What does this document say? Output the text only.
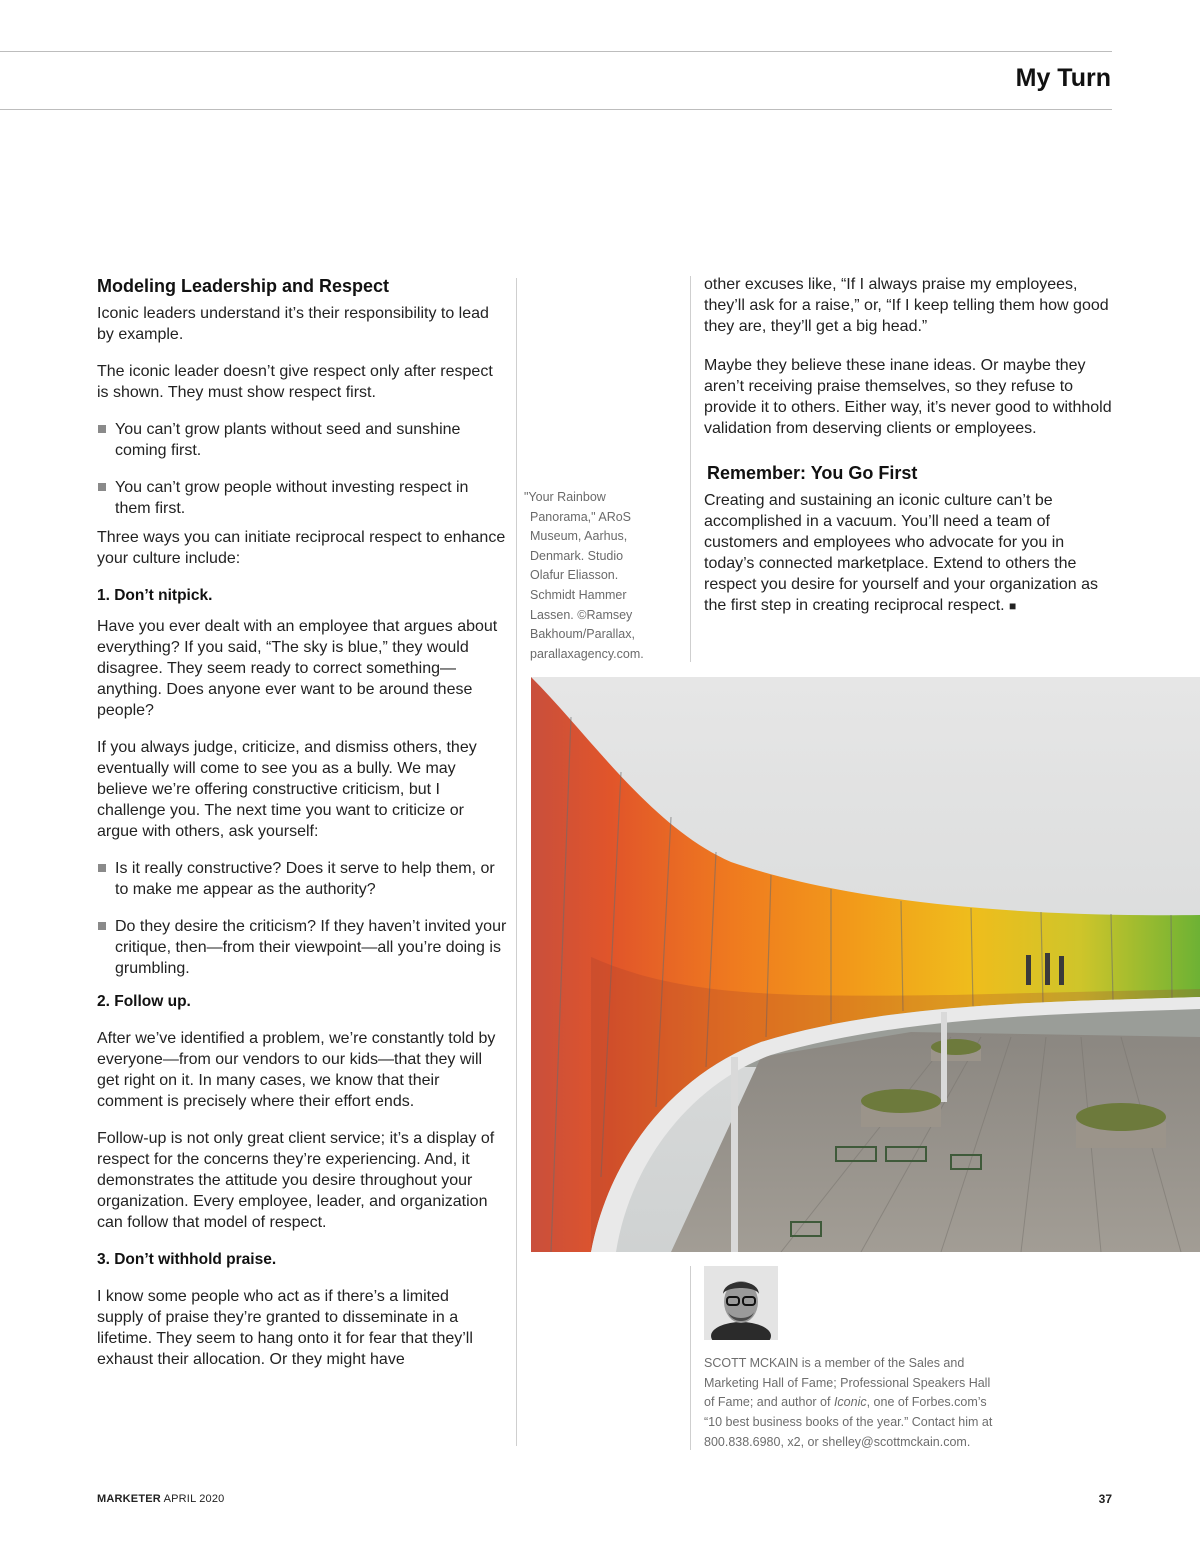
My Turn
Modeling Leadership and Respect

Iconic leaders understand it’s their responsibility to lead by example.

The iconic leader doesn’t give respect only after respect is shown. They must show respect first.

You can’t grow plants without seed and sunshine coming first.
You can’t grow people without investing respect in them first.

Three ways you can initiate reciprocal respect to enhance your culture include:

1. Don’t nitpick.

Have you ever dealt with an employee that argues about everything? If you said, “The sky is blue,” they would disagree. They seem ready to correct something—anything. Does anyone ever want to be around these people?

If you always judge, criticize, and dismiss others, they eventually will come to see you as a bully. We may believe we’re offering constructive criticism, but I challenge you. The next time you want to criticize or argue with others, ask yourself:

Is it really constructive? Does it serve to help them, or to make me appear as the authority?
Do they desire the criticism? If they haven’t invited your critique, then—from their viewpoint—all you’re doing is grumbling.
2. Follow up.

After we’ve identified a problem, we’re constantly told by everyone—from our vendors to our kids—that they will get right on it. In many cases, we know that their comment is precisely where their effort ends.

Follow-up is not only great client service; it’s a display of respect for the concerns they’re experiencing. And, it demonstrates the attitude you desire throughout your organization. Every employee, leader, and organization can follow that model of respect.

3. Don’t withhold praise.

I know some people who act as if there’s a limited supply of praise they’re granted to disseminate in a lifetime. They seem to hang onto it for fear that they’ll exhaust their allocation. Or they might have

"Your Rainbow
Panorama," ARoS
Museum, Aarhus,
Denmark. Studio
Olafur Eliasson.
Schmidt Hammer
Lassen. ©Ramsey
Bakhoum/Parallax,
parallaxagency.com.

other excuses like, “If I always praise my employees, they’ll ask for a raise,” or, “If I keep telling them how good they are, they’ll get a big head.”

Maybe they believe these inane ideas. Or maybe they aren’t receiving praise themselves, so they refuse to provide it to others. Either way, it’s never good to withhold validation from deserving clients or employees.

Remember: You Go First

Creating and sustaining an iconic culture can’t be accomplished in a vacuum. You’ll need a team of customers and employees who advocate for you in today’s connected marketplace. Extend to others the respect you desire for yourself and your organization as the first step in creating reciprocal respect. ■

SCOTT MCKAIN is a member of the Sales and Marketing Hall of Fame; Professional Speakers Hall of Fame; and author of Iconic, one of Forbes.com’s “10 best business books of the year.” Contact him at 800.838.6980, x2, or shelley@scottmckain.com.
MARKETER APRIL 2020	37
